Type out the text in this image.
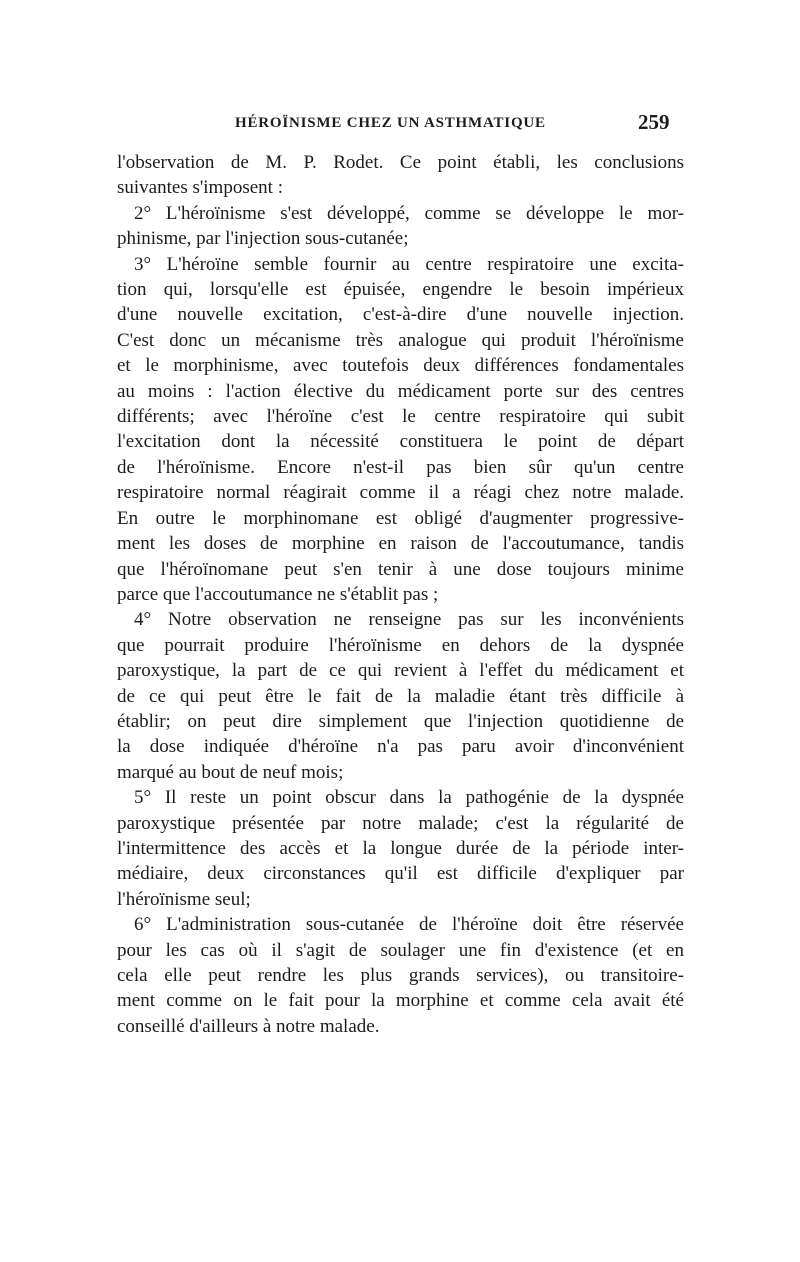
HÉROÏNISME CHEZ UN ASTHMATIQUE	259

l'observation de M. P. Rodet. Ce point établi, les conclusions

suivantes s'imposent :

2° L'héroïnisme s'est développé, comme se développe le mor-

phinisme, par l'injection sous-cutanée;

3° L'héroïne semble fournir au centre respiratoire une excita-

tion qui, lorsqu'elle est épuisée, engendre le besoin impérieux

d'une nouvelle excitation, c'est-à-dire d'une nouvelle injection.

C'est donc un mécanisme très analogue qui produit l'héroïnisme

et le morphinisme, avec toutefois deux différences fondamentales

au moins : l'action élective du médicament porte sur des centres

différents; avec l'héroïne c'est le centre respiratoire qui subit

l'excitation dont la nécessité constituera le point de départ

de l'héroïnisme. Encore n'est-il pas bien sûr qu'un centre

respiratoire normal réagirait comme il a réagi chez notre malade.

En outre le morphinomane est obligé d'augmenter progressive-

ment les doses de morphine en raison de l'accoutumance, tandis

que l'héroïnomane peut s'en tenir à une dose toujours minime

parce que l'accoutumance ne s'établit pas ;

4° Notre observation ne renseigne pas sur les inconvénients

que pourrait produire l'héroïnisme en dehors de la dyspnée

paroxystique, la part de ce qui revient à l'effet du médicament et

de ce qui peut être le fait de la maladie étant très difficile à

établir; on peut dire simplement que l'injection quotidienne de

la dose indiquée d'héroïne n'a pas paru avoir d'inconvénient

marqué au bout de neuf mois;

5° Il reste un point obscur dans la pathogénie de la dyspnée

paroxystique présentée par notre malade; c'est la régularité de

l'intermittence des accès et la longue durée de la période inter-

médiaire, deux circonstances qu'il est difficile d'expliquer par

l'héroïnisme seul;

6° L'administration sous-cutanée de l'héroïne doit être réservée

pour les cas où il s'agit de soulager une fin d'existence (et en

cela elle peut rendre les plus grands services), ou transitoire-

ment comme on le fait pour la morphine et comme cela avait été

conseillé d'ailleurs à notre malade.
